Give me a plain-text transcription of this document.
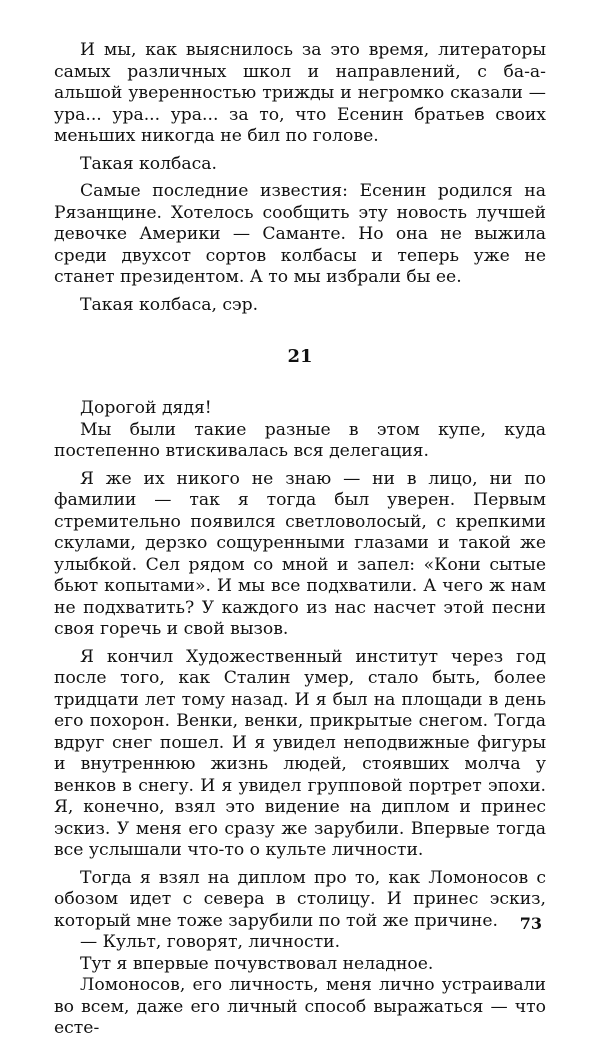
И мы, как выяснилось за это время, литераторы самых различных школ и направлений, с ба-а-альшой уверенностью трижды и негромко сказали — ура... ура... ура... за то, что Есенин братьев своих меньших никогда не бил по голове.

Такая колбаса.

Самые последние известия: Есенин родился на Рязанщине. Хотелось сообщить эту новость лучшей девочке Америки — Саманте. Но она не выжила среди двухсот сортов колбасы и теперь уже не станет президентом. А то мы избрали бы ее.

Такая колбаса, сэр.

21

Дорогой дядя!

Мы были такие разные в этом купе, куда постепенно втискивалась вся делегация.

Я же их никого не знаю — ни в лицо, ни по фамилии — так я тогда был уверен. Первым стремительно появился светловолосый, с крепкими скулами, дерзко сощуренными глазами и такой же улыбкой. Сел рядом со мной и запел: «Кони сытые бьют копытами». И мы все подхватили. А чего ж нам не подхватить? У каждого из нас насчет этой песни своя горечь и свой вызов.

Я кончил Художественный институт через год после того, как Сталин умер, стало быть, более тридцати лет тому назад. И я был на площади в день его похорон. Венки, венки, прикрытые снегом. Тогда вдруг снег пошел. И я увидел неподвижные фигуры и внутреннюю жизнь людей, стоявших молча у венков в снегу. И я увидел групповой портрет эпохи. Я, конечно, взял это видение на диплом и принес эскиз. У меня его сразу же зарубили. Впервые тогда все услышали что-то о культе личности.

Тогда я взял на диплом про то, как Ломоносов с обозом идет с севера в столицу. И принес эскиз, который мне тоже зарубили по той же причине.

— Культ, говорят, личности.

Тут я впервые почувствовал неладное.

Ломоносов, его личность, меня лично устраивали во всем, даже его личный способ выражаться — что есте-

73
